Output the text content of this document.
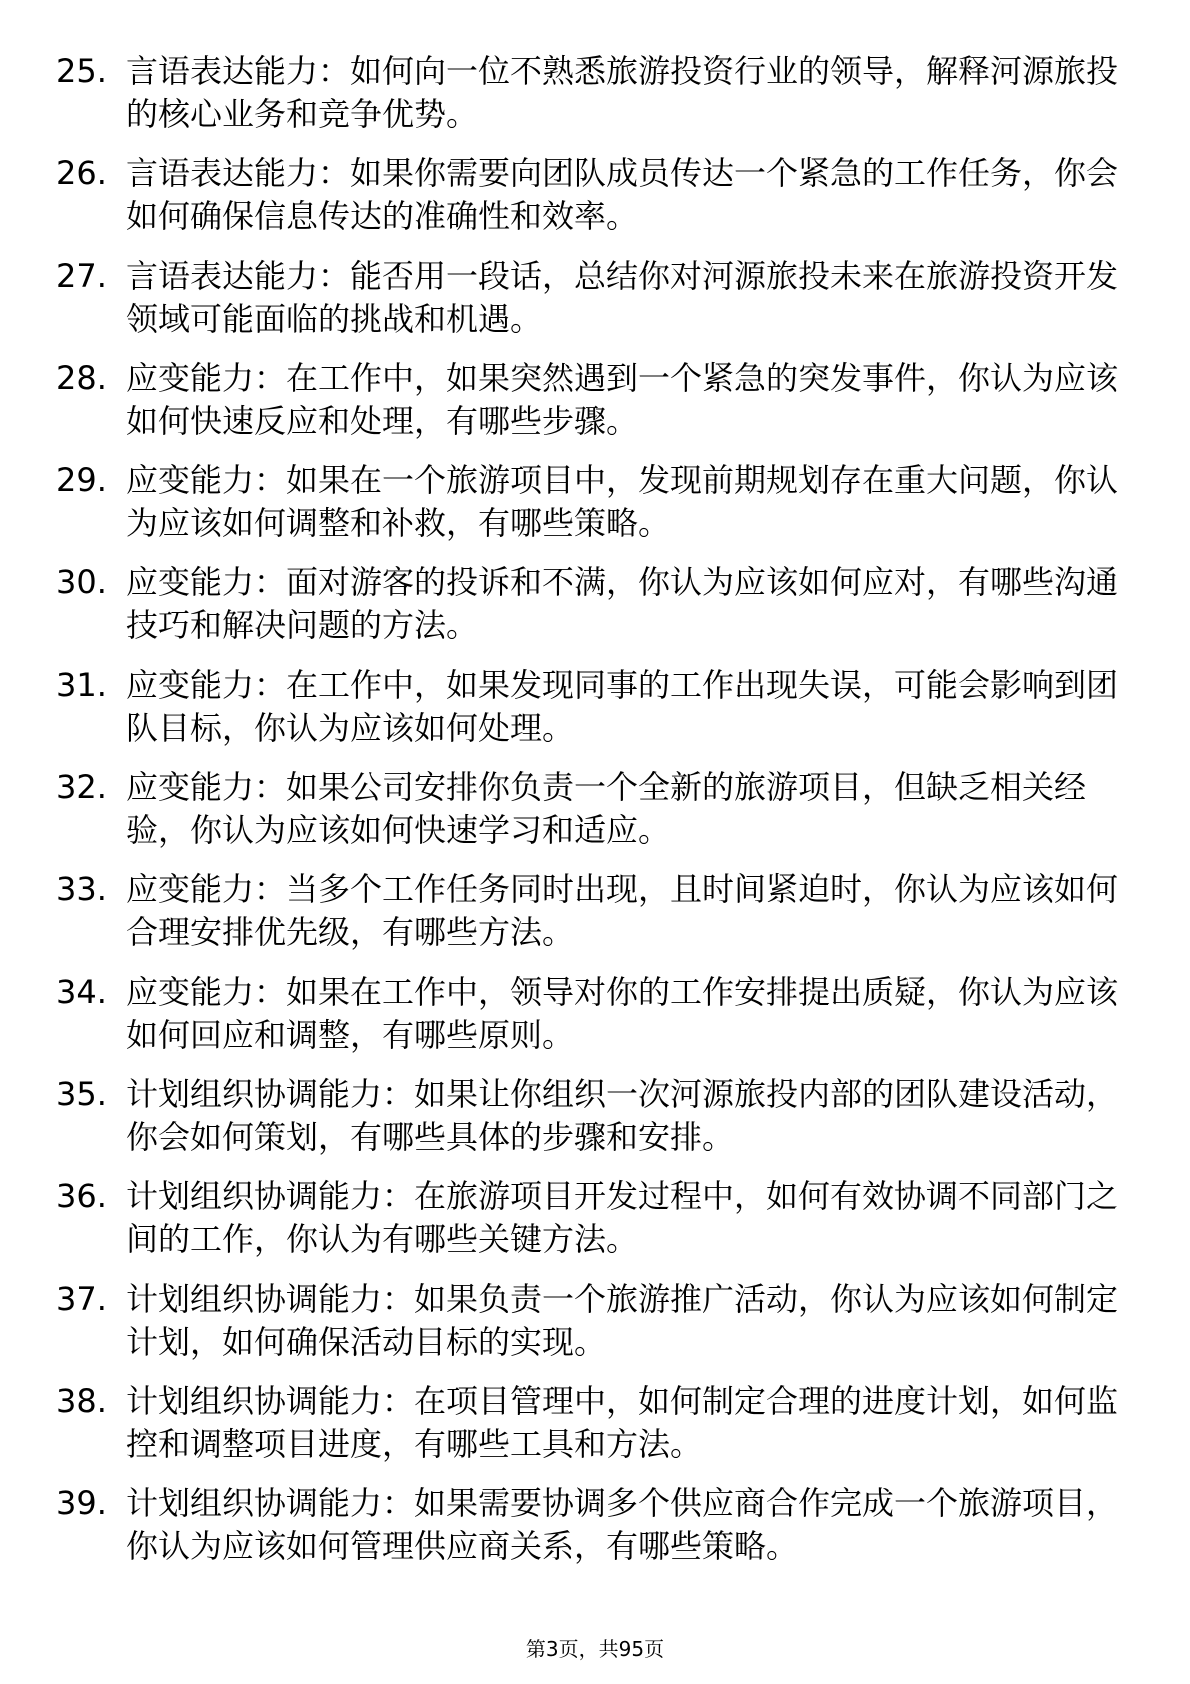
25. 言语表达能力：如何向一位不熟悉旅游投资行业的领导，解释河源旅投的核心业务和竞争优势。
26. 言语表达能力：如果你需要向团队成员传达一个紧急的工作任务，你会如何确保信息传达的准确性和效率。
27. 言语表达能力：能否用一段话，总结你对河源旅投未来在旅游投资开发领域可能面临的挑战和机遇。
28. 应变能力：在工作中，如果突然遇到一个紧急的突发事件，你认为应该如何快速反应和处理，有哪些步骤。
29. 应变能力：如果在一个旅游项目中，发现前期规划存在重大问题，你认为应该如何调整和补救，有哪些策略。
30. 应变能力：面对游客的投诉和不满，你认为应该如何应对，有哪些沟通技巧和解决问题的方法。
31. 应变能力：在工作中，如果发现同事的工作出现失误，可能会影响到团队目标，你认为应该如何处理。
32. 应变能力：如果公司安排你负责一个全新的旅游项目，但缺乏相关经验，你认为应该如何快速学习和适应。
33. 应变能力：当多个工作任务同时出现，且时间紧迫时，你认为应该如何合理安排优先级，有哪些方法。
34. 应变能力：如果在工作中，领导对你的工作安排提出质疑，你认为应该如何回应和调整，有哪些原则。
35. 计划组织协调能力：如果让你组织一次河源旅投内部的团队建设活动，你会如何策划，有哪些具体的步骤和安排。
36. 计划组织协调能力：在旅游项目开发过程中，如何有效协调不同部门之间的工作，你认为有哪些关键方法。
37. 计划组织协调能力：如果负责一个旅游推广活动，你认为应该如何制定计划，如何确保活动目标的实现。
38. 计划组织协调能力：在项目管理中，如何制定合理的进度计划，如何监控和调整项目进度，有哪些工具和方法。
39. 计划组织协调能力：如果需要协调多个供应商合作完成一个旅游项目，你认为应该如何管理供应商关系，有哪些策略。
第3页，共95页
